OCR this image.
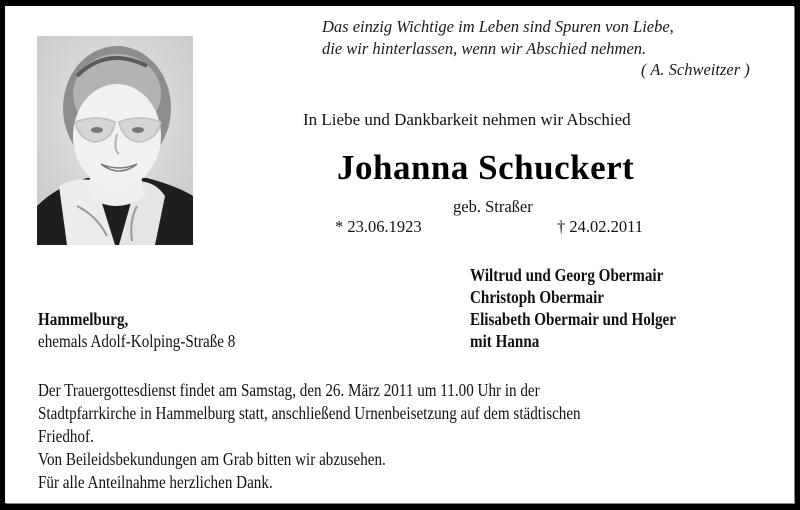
Das einzig Wichtige im Leben sind Spuren von Liebe,
die wir hinterlassen, wenn wir Abschied nehmen.
( A. Schweitzer )
In Liebe und Dankbarkeit nehmen wir Abschied
Johanna Schuckert
geb. Straßer
* 23.06.1923	† 24.02.2011
Hammelburg,
ehemals Adolf-Kolping-Straße 8
Wiltrud und Georg Obermair
Christoph Obermair
Elisabeth Obermair und Holger
mit Hanna
Der Trauergottesdienst findet am Samstag, den 26. März 2011 um 11.00 Uhr in der
Stadtpfarrkirche in Hammelburg statt, anschließend Urnenbeisetzung auf dem städtischen
Friedhof.
Von Beileidsbekundungen am Grab bitten wir abzusehen.
Für alle Anteilnahme herzlichen Dank.
